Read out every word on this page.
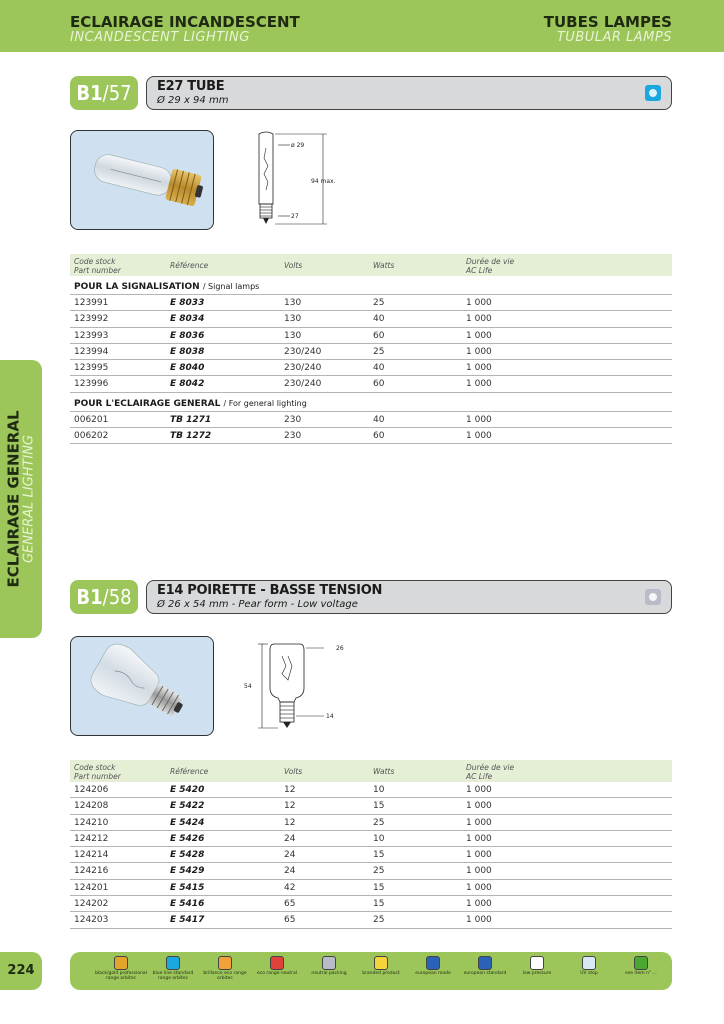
ECLAIRAGE INCANDESCENT
INCANDESCENT LIGHTING
TUBES LAMPES
TUBULAR LAMPS
ECLAIRAGE GENERAL GENERAL LIGHTING
B1/57	E27 TUBE
Ø 29 x 94 mm
ø 29
94 max.
27
Code stock
Part number
Référence	Volts	Watts	Durée de vie
AC Life
POUR LA SIGNALISATION / Signal lamps
123991	E 8033	130	25	1 000
123992	E 8034	130	40	1 000
123993	E 8036	130	60	1 000
123994	E 8038	230/240	25	1 000
123995	E 8040	230/240	40	1 000
123996	E 8042	230/240	60	1 000
POUR L'ECLAIRAGE GENERAL / For general lighting
006201	TB 1271	230	40	1 000
006202	TB 1272	230	60	1 000
B1/58	E14 POIRETTE - BASSE TENSION
Ø 26 x 54 mm - Pear form - Low voltage
26
54
14
Code stock
Part number
Référence	Volts	Watts	Durée de vie
AC Life
124206	E 5420	12	10	1 000
124208	E 5422	12	15	1 000
124210	E 5424	12	25	1 000
124212	E 5426	24	10	1 000
124214	E 5428	24	15	1 000
124216	E 5429	24	25	1 000
124201	E 5415	42	15	1 000
124202	E 5416	65	15	1 000
124203	E 5417	65	25	1 000
224	black/gold professional range orbitec
blue line standard range orbitec
brillance eco range orbitec
eco range neutral	neutral packing	branded product	european made	european standard	low pressure	UV stop	see item n° ...
